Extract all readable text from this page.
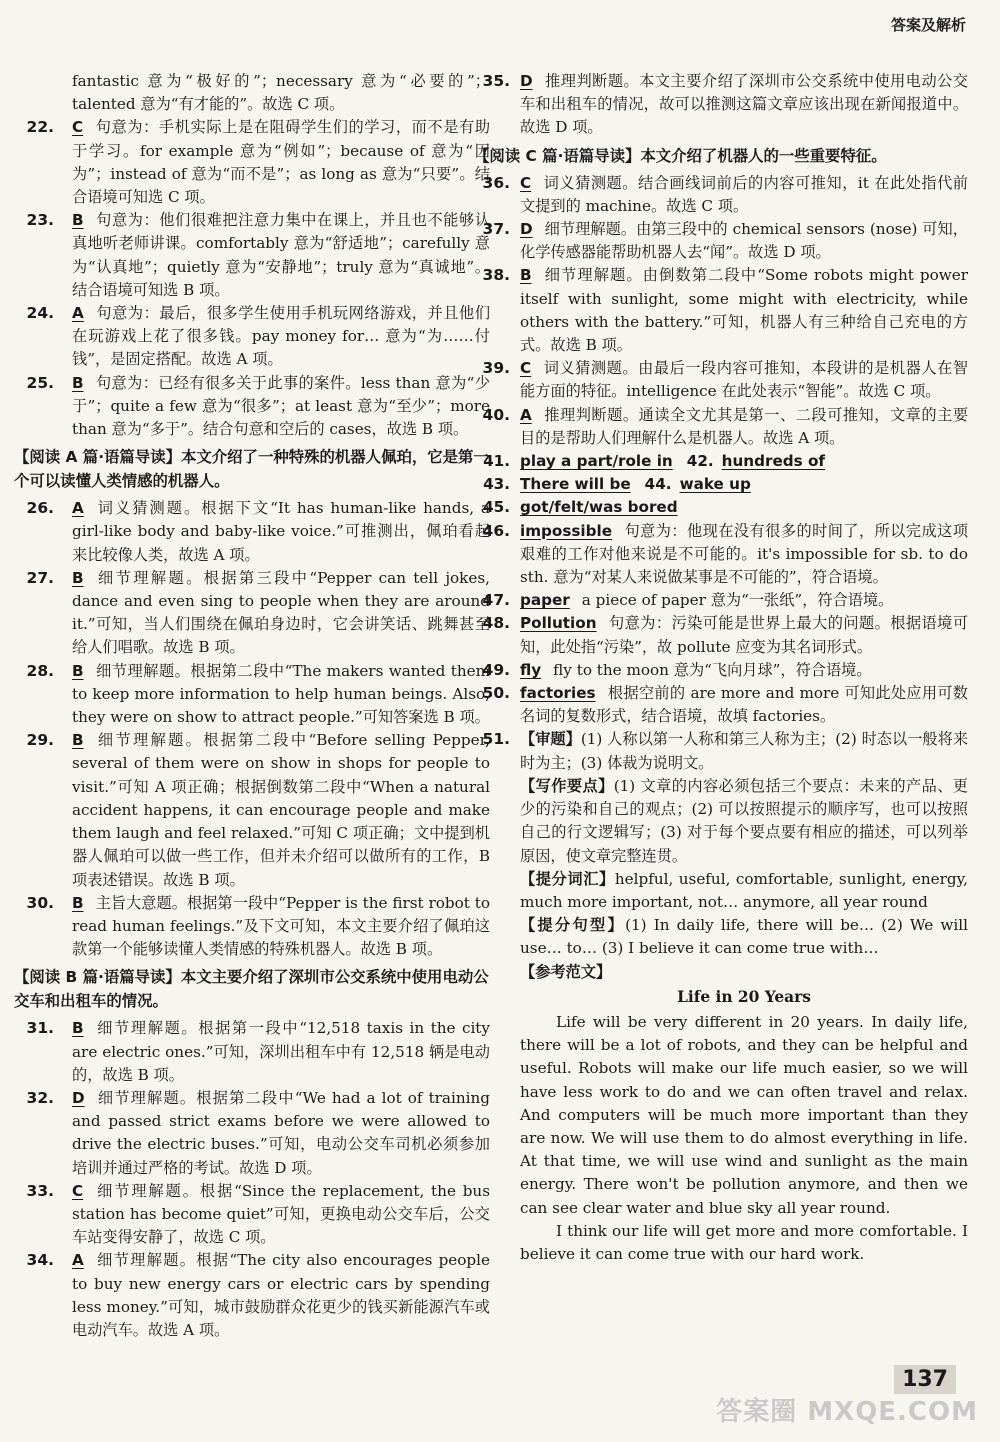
答案及解析
fantastic 意为“极好的”；necessary 意为“必要的”；talented 意为“有才能的”。故选 C 项。
22. C 句意为：手机实际上是在阻碍学生们的学习，而不是有助于学习。for example 意为“例如”；because of 意为“因为”；instead of 意为“而不是”；as long as 意为“只要”。结合语境可知选 C 项。
23. B 句意为：他们很难把注意力集中在课上，并且也不能够认真地听老师讲课。comfortably 意为“舒适地”；carefully 意为“认真地”；quietly 意为“安静地”；truly 意为“真诚地”。结合语境可知选 B 项。
24. A 句意为：最后，很多学生使用手机玩网络游戏，并且他们在玩游戏上花了很多钱。pay money for… 意为“为……付钱”，是固定搭配。故选 A 项。
25. B 句意为：已经有很多关于此事的案件。less than 意为“少于”；quite a few 意为“很多”；at least 意为“至少”；more than 意为“多于”。结合句意和空后的 cases，故选 B 项。
【阅读 A 篇·语篇导读】本文介绍了一种特殊的机器人佩珀，它是第一个可以读懂人类情感的机器人。
26. A 词义猜测题。根据下文“It has human-like hands, a girl-like body and baby-like voice.”可推测出，佩珀看起来比较像人类，故选 A 项。
27. B 细节理解题。根据第三段中“Pepper can tell jokes, dance and even sing to people when they are around it.”可知，当人们围绕在佩珀身边时，它会讲笑话、跳舞甚至给人们唱歌。故选 B 项。
28. B 细节理解题。根据第二段中“The makers wanted them to keep more information to help human beings. Also, they were on show to attract people.”可知答案选 B 项。
29. B 细节理解题。根据第二段中“Before selling Pepper, several of them were on show in shops for people to visit.”可知 A 项正确；根据倒数第二段中“When a natural accident happens, it can encourage people and make them laugh and feel relaxed.”可知 C 项正确；文中提到机器人佩珀可以做一些工作，但并未介绍可以做所有的工作，B 项表述错误。故选 B 项。
30. B 主旨大意题。根据第一段中“Pepper is the first robot to read human feelings.”及下文可知，本文主要介绍了佩珀这款第一个能够读懂人类情感的特殊机器人。故选 B 项。
【阅读 B 篇·语篇导读】本文主要介绍了深圳市公交系统中使用电动公交车和出租车的情况。
31. B 细节理解题。根据第一段中“12,518 taxis in the city are electric ones.”可知，深圳出租车中有 12,518 辆是电动的，故选 B 项。
32. D 细节理解题。根据第二段中“We had a lot of training and passed strict exams before we were allowed to drive the electric buses.”可知，电动公交车司机必须参加培训并通过严格的考试。故选 D 项。
33. C 细节理解题。根据“Since the replacement, the bus station has become quiet”可知，更换电动公交车后，公交车站变得安静了，故选 C 项。
34. A 细节理解题。根据“The city also encourages people to buy new energy cars or electric cars by spending less money.”可知，城市鼓励群众花更少的钱买新能源汽车或电动汽车。故选 A 项。
35. D 推理判断题。本文主要介绍了深圳市公交系统中使用电动公交车和出租车的情况，故可以推测这篇文章应该出现在新闻报道中。故选 D 项。
【阅读 C 篇·语篇导读】本文介绍了机器人的一些重要特征。
36. C 词义猜测题。结合画线词前后的内容可推知，it 在此处指代前文提到的 machine。故选 C 项。
37. D 细节理解题。由第三段中的 chemical sensors (nose) 可知，化学传感器能帮助机器人去“闻”。故选 D 项。
38. B 细节理解题。由倒数第二段中“Some robots might power itself with sunlight, some might with electricity, while others with the battery.”可知，机器人有三种给自己充电的方式。故选 B 项。
39. C 词义猜测题。由最后一段内容可推知，本段讲的是机器人在智能方面的特征。intelligence 在此处表示“智能”。故选 C 项。
40. A 推理判断题。通读全文尤其是第一、二段可推知，文章的主要目的是帮助人们理解什么是机器人。故选 A 项。
41. play a part/role in 42. hundreds of
43. There will be 44. wake up
45. got/felt/was bored
46. impossible 句意为：他现在没有很多的时间了，所以完成这项艰难的工作对他来说是不可能的。it's impossible for sb. to do sth. 意为“对某人来说做某事是不可能的”，符合语境。
47. paper a piece of paper 意为“一张纸”，符合语境。
48. Pollution 句意为：污染可能是世界上最大的问题。根据语境可知，此处指“污染”，故 pollute 应变为其名词形式。
49. fly fly to the moon 意为“飞向月球”，符合语境。
50. factories 根据空前的 are more and more 可知此处应用可数名词的复数形式，结合语境，故填 factories。
51. 【审题】(1) 人称以第一人称和第三人称为主；(2) 时态以一般将来时为主；(3) 体裁为说明文。
【写作要点】(1) 文章的内容必须包括三个要点：未来的产品、更少的污染和自己的观点；(2) 可以按照提示的顺序写，也可以按照自己的行文逻辑写；(3) 对于每个要点要有相应的描述，可以列举原因，使文章完整连贯。
【提分词汇】helpful, useful, comfortable, sunlight, energy, much more important, not… anymore, all year round
【提分句型】(1) In daily life, there will be… (2) We will use… to… (3) I believe it can come true with…
【参考范文】
Life in 20 Years
Life will be very different in 20 years. In daily life, there will be a lot of robots, and they can be helpful and useful. Robots will make our life much easier, so we will have less work to do and we can often travel and relax. And computers will be much more important than they are now. We will use them to do almost everything in life. At that time, we will use wind and sunlight as the main energy. There won't be pollution anymore, and then we can see clear water and blue sky all year round.
I think our life will get more and more comfortable. I believe it can come true with our hard work.
137
答案圈 MXQE.COM
